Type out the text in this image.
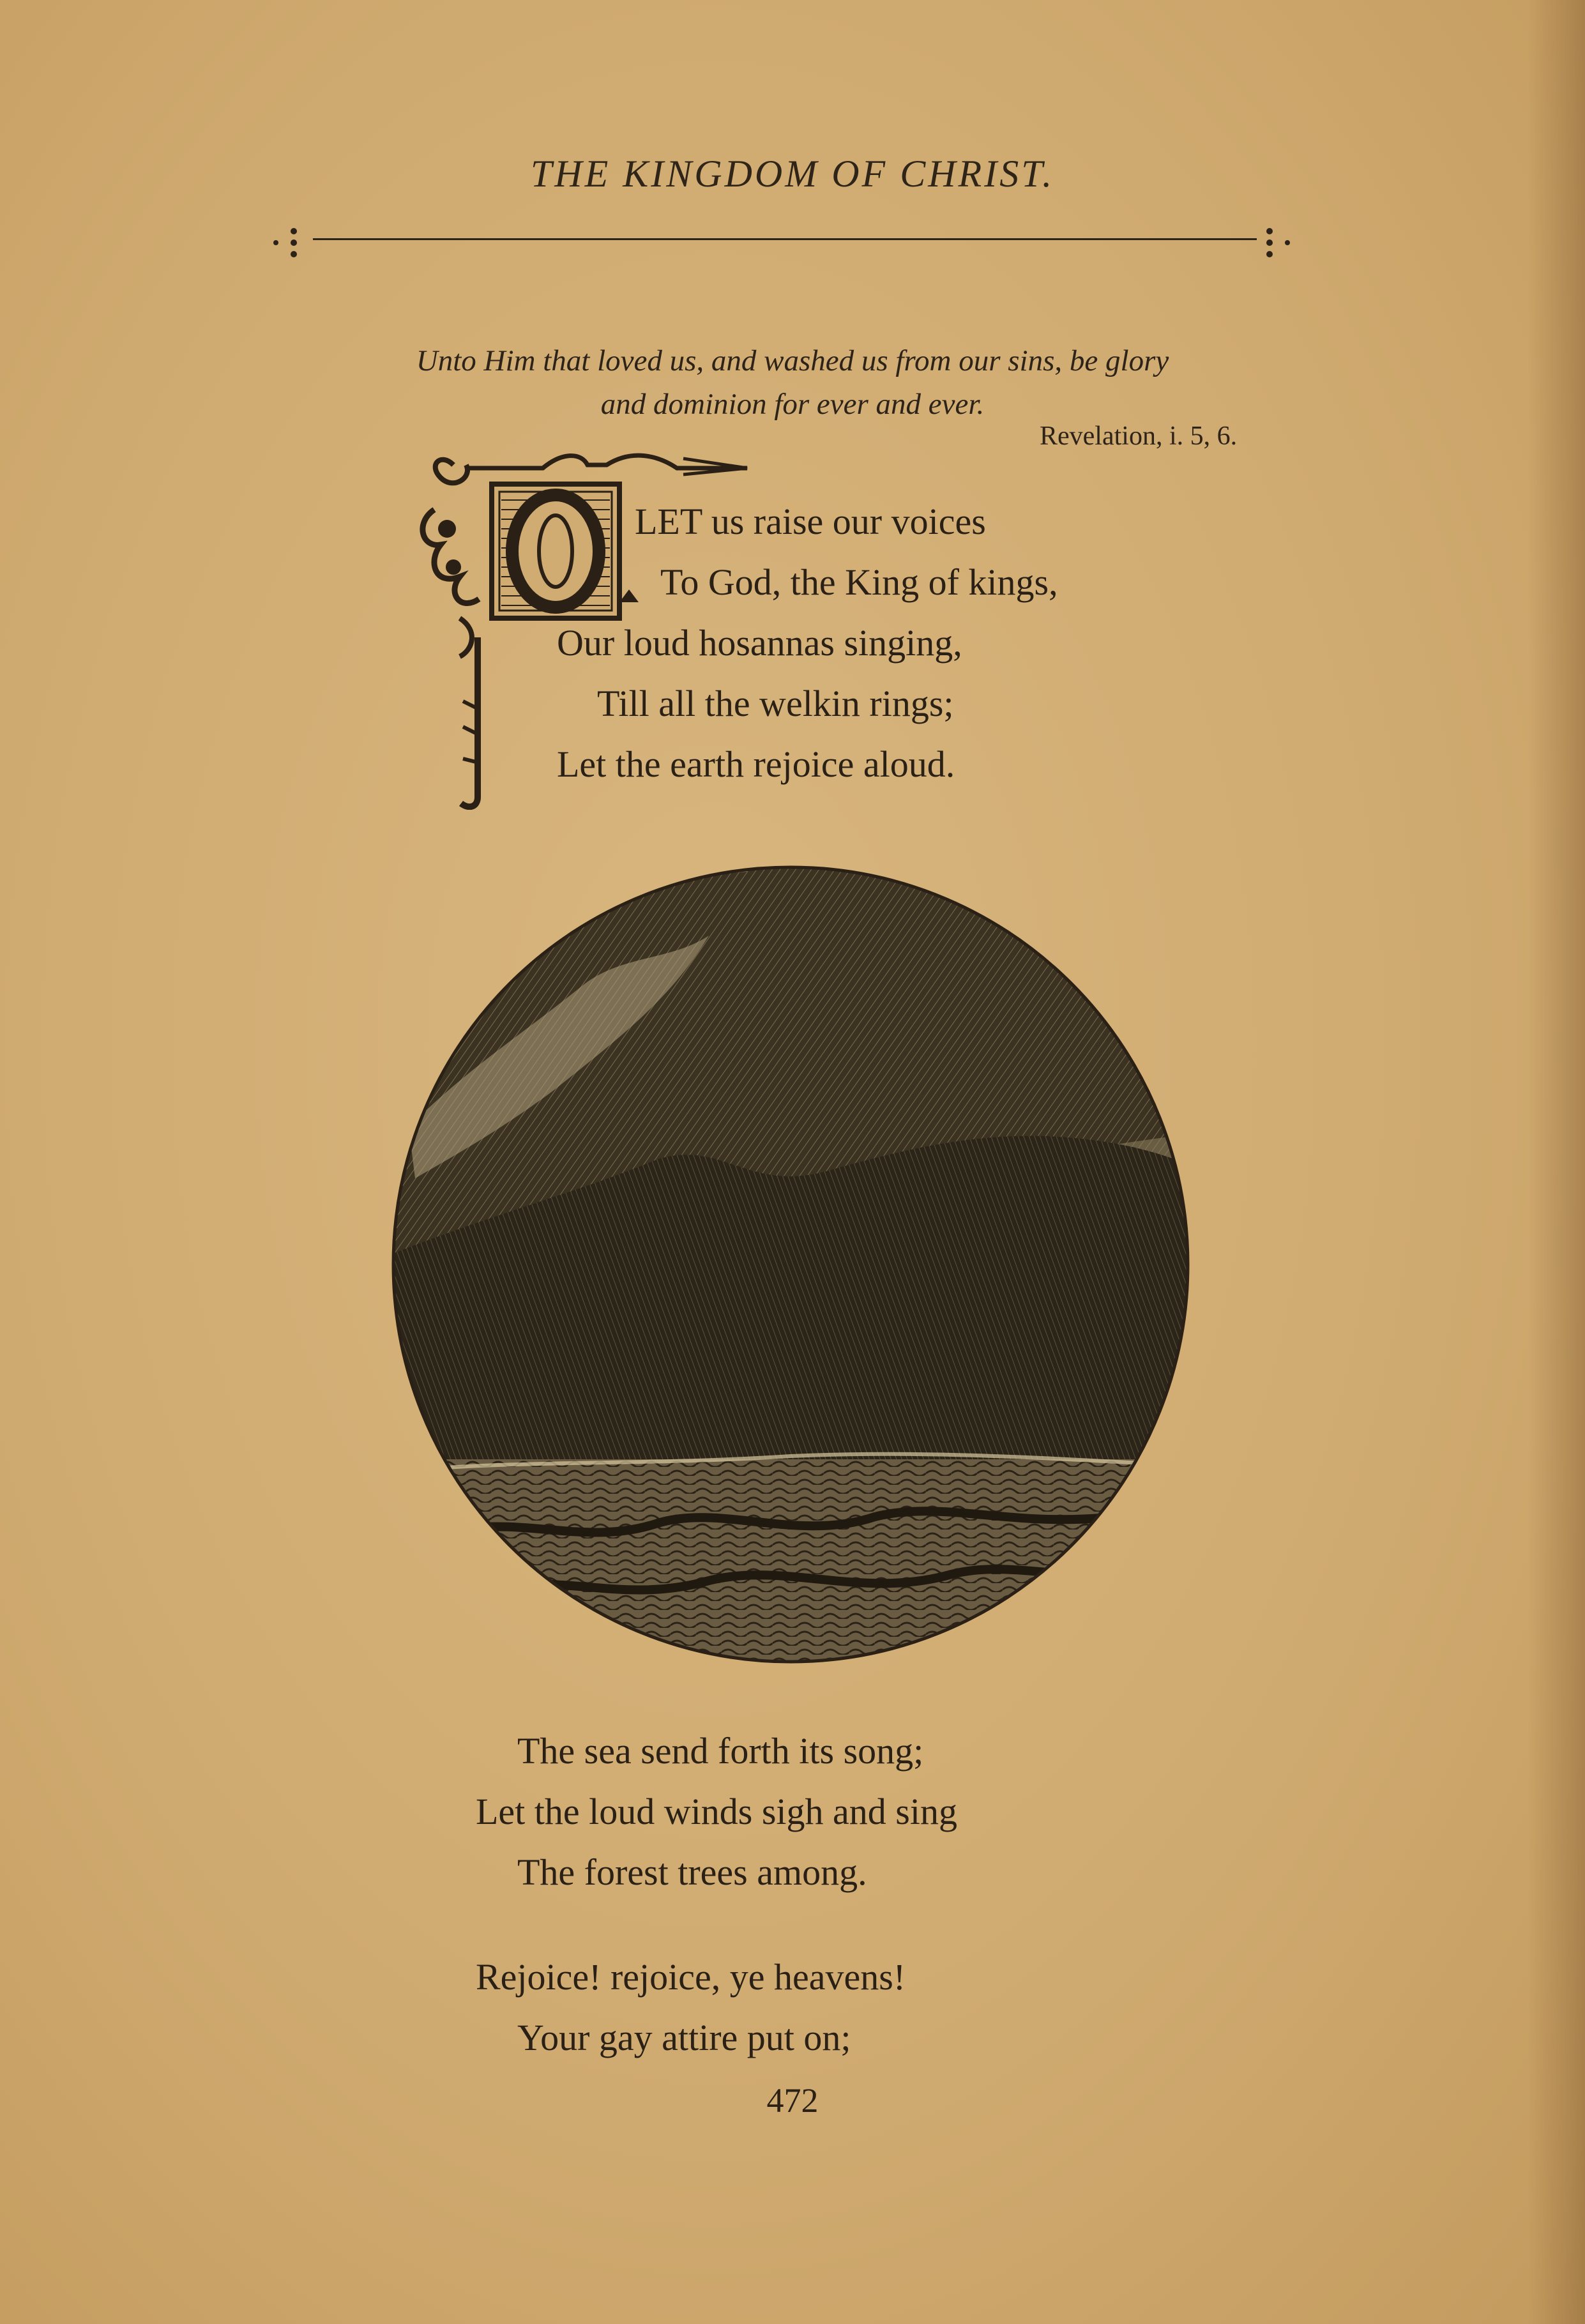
THE KINGDOM OF CHRIST.
Unto Him that loved us, and washed us from our sins, be glory
and dominion for ever and ever.
Revelation, i. 5, 6.
LET us raise our voices
To God, the King of kings,
Our loud hosannas singing,
Till all the welkin rings;
Let the earth rejoice aloud.
The sea send forth its song;
Let the loud winds sigh and sing
The forest trees among.
Rejoice! rejoice, ye heavens!
Your gay attire put on;
472
